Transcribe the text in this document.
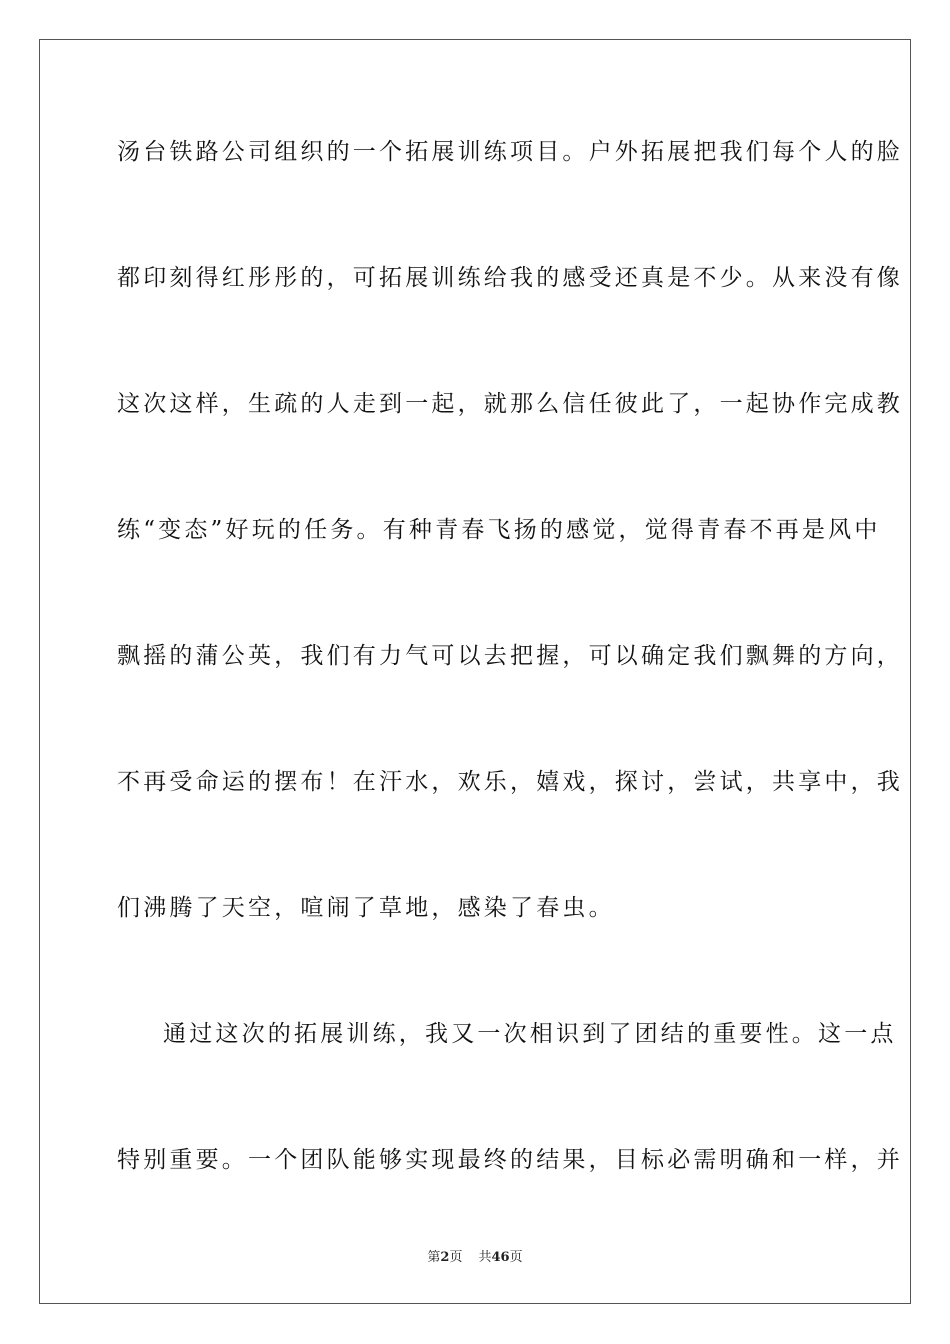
汤台铁路公司组织的一个拓展训练项目。户外拓展把我们每个人的脸
都印刻得红彤彤的，可拓展训练给我的感受还真是不少。从来没有像
这次这样，生疏的人走到一起，就那么信任彼此了，一起协作完成教
练“变态”好玩的任务。有种青春飞扬的感觉，觉得青春不再是风中
飘摇的蒲公英，我们有力气可以去把握，可以确定我们飘舞的方向，
不再受命运的摆布！在汗水，欢乐，嬉戏，探讨，尝试，共享中，我
们沸腾了天空，喧闹了草地，感染了春虫。
通过这次的拓展训练，我又一次相识到了团结的重要性。这一点
特别重要。一个团队能够实现最终的结果，目标必需明确和一样，并
第2页 共46页
